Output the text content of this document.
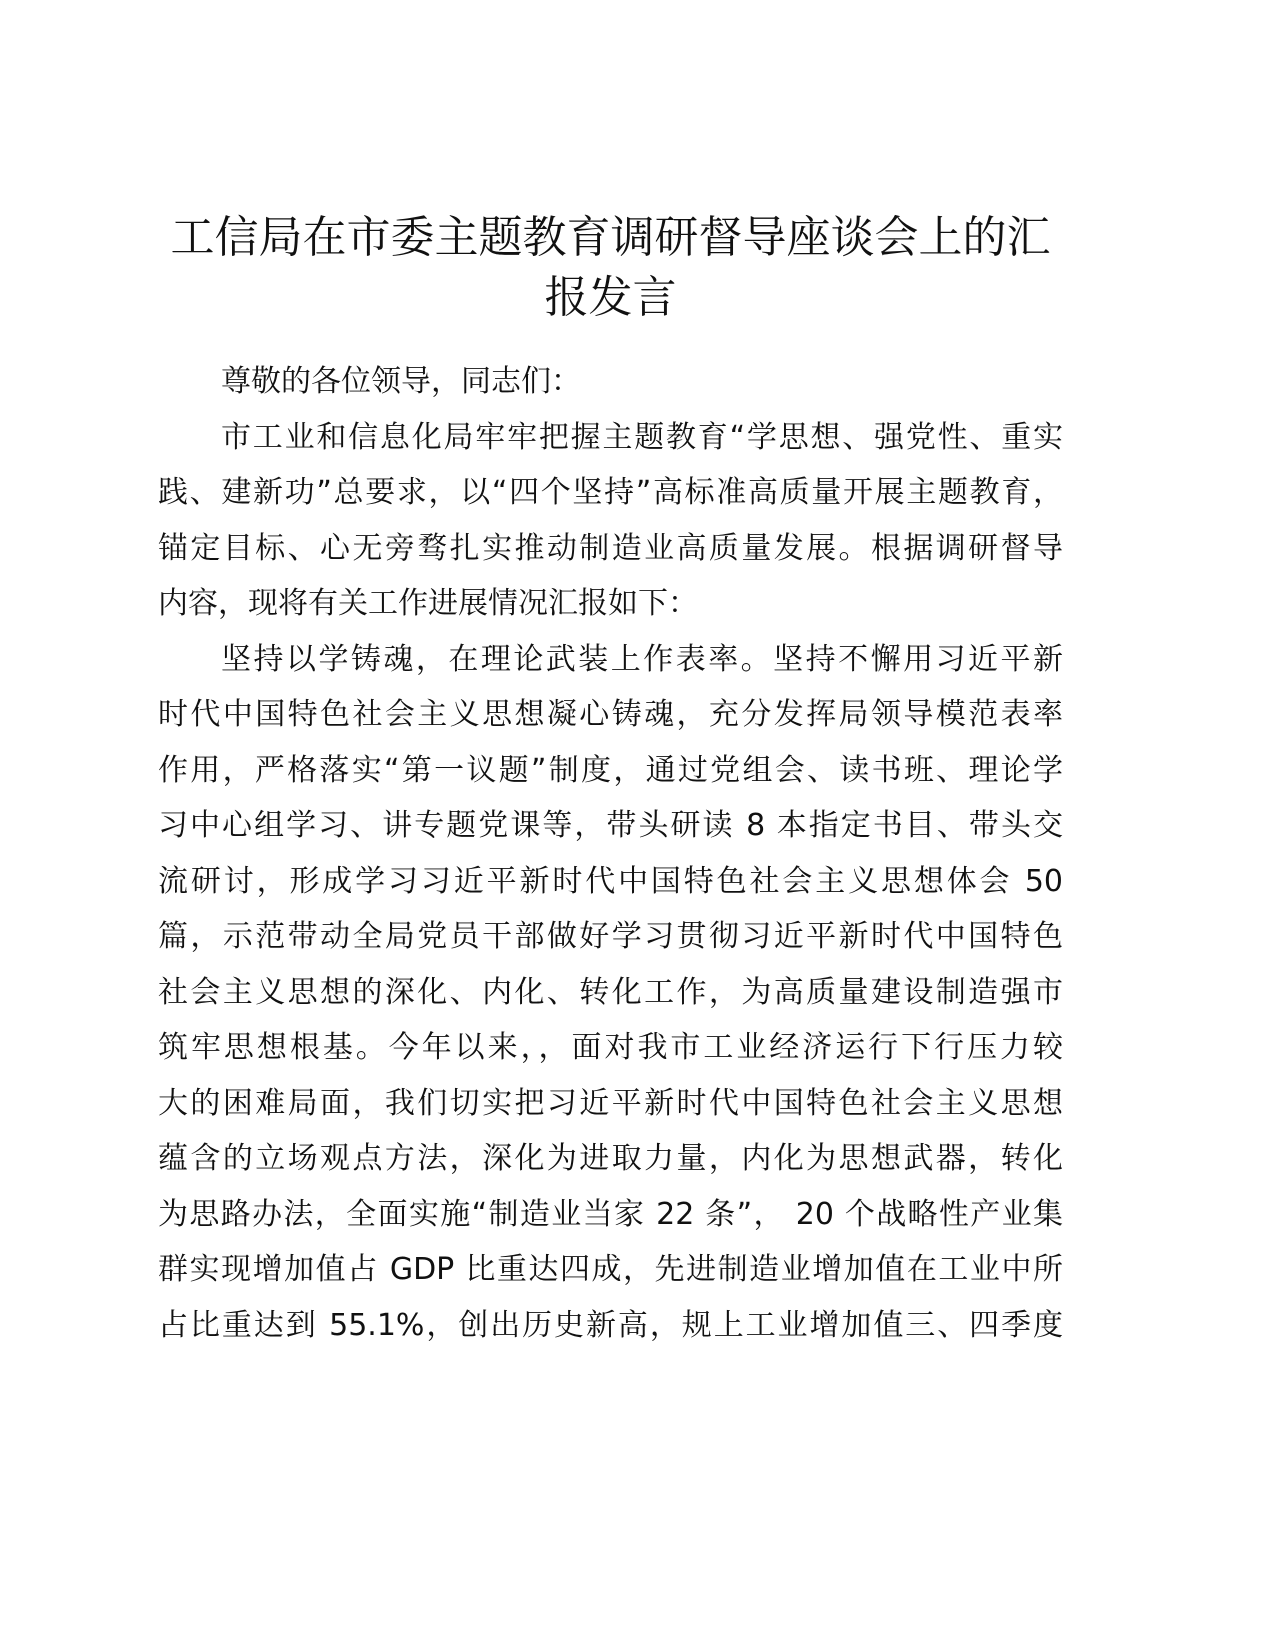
工信局在市委主题教育调研督导座谈会上的汇
报发言
尊敬的各位领导，同志们：
市工业和信息化局牢牢把握主题教育“学思想、强党性、重实
践、建新功”总要求，以“四个坚持”高标准高质量开展主题教育，
锚定目标、心无旁骛扎实推动制造业高质量发展。根据调研督导
内容，现将有关工作进展情况汇报如下：
坚持以学铸魂，在理论武装上作表率。坚持不懈用习近平新
时代中国特色社会主义思想凝心铸魂，充分发挥局领导模范表率
作用，严格落实“第一议题”制度，通过党组会、读书班、理论学
习中心组学习、讲专题党课等，带头研读 8 本指定书目、带头交
流研讨，形成学习习近平新时代中国特色社会主义思想体会 50
篇，示范带动全局党员干部做好学习贯彻习近平新时代中国特色
社会主义思想的深化、内化、转化工作，为高质量建设制造强市
筑牢思想根基。今年以来，，面对我市工业经济运行下行压力较
大的困难局面，我们切实把习近平新时代中国特色社会主义思想
蕴含的立场观点方法，深化为进取力量，内化为思想武器，转化
为思路办法，全面实施“制造业当家 22 条”， 20 个战略性产业集
群实现增加值占 GDP 比重达四成，先进制造业增加值在工业中所
占比重达到 55.1%，创出历史新高，规上工业增加值三、四季度
